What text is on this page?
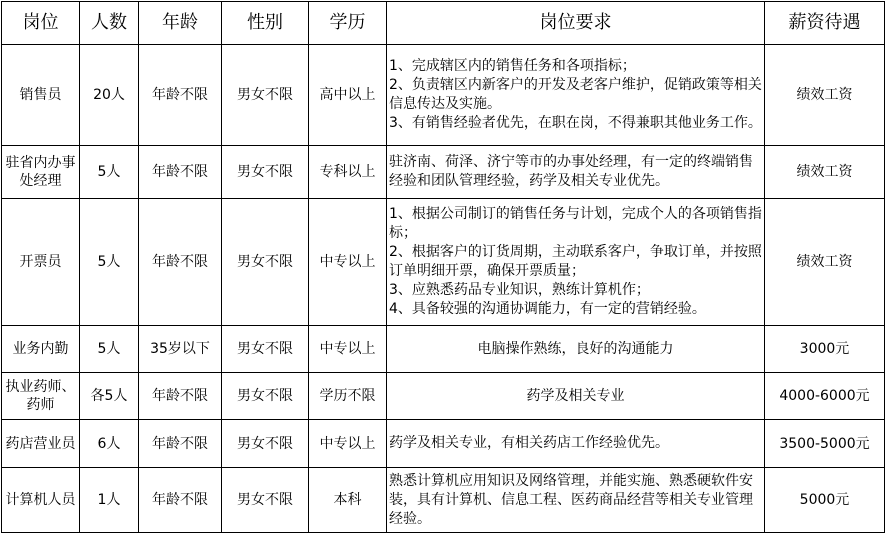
岗位	人数	年龄	性别	学历	岗位要求	薪资待遇
销售员	20人	年龄不限	男女不限	高中以上	1、完成辖区内的销售任务和各项指标；
2、负责辖区内新客户的开发及老客户维护，促销政策等相关信息传达及实施。
3、有销售经验者优先，在职在岗，不得兼职其他业务工作。	绩效工资
驻省内办事处经理	5人	年龄不限	男女不限	专科以上	驻济南、荷泽、济宁等市的办事处经理，有一定的终端销售经验和团队管理经验，药学及相关专业优先。	绩效工资
开票员	5人	年龄不限	男女不限	中专以上	1、根据公司制订的销售任务与计划，完成个人的各项销售指标；
2、根据客户的订货周期，主动联系客户，争取订单，并按照订单明细开票，确保开票质量；
3、应熟悉药品专业知识，熟练计算机作；
4、具备较强的沟通协调能力，有一定的营销经验。	绩效工资
业务内勤	5人	35岁以下	男女不限	中专以上	电脑操作熟练，良好的沟通能力	3000元
执业药师、药师	各5人	年龄不限	男女不限	学历不限	药学及相关专业	4000-6000元
药店营业员	6人	年龄不限	男女不限	中专以上	药学及相关专业，有相关药店工作经验优先。	3500-5000元
计算机人员	1人	年龄不限	男女不限	本科	熟悉计算机应用知识及网络管理，并能实施、熟悉硬软件安装，具有计算机、信息工程、医药商品经营等相关专业管理经验。	5000元
